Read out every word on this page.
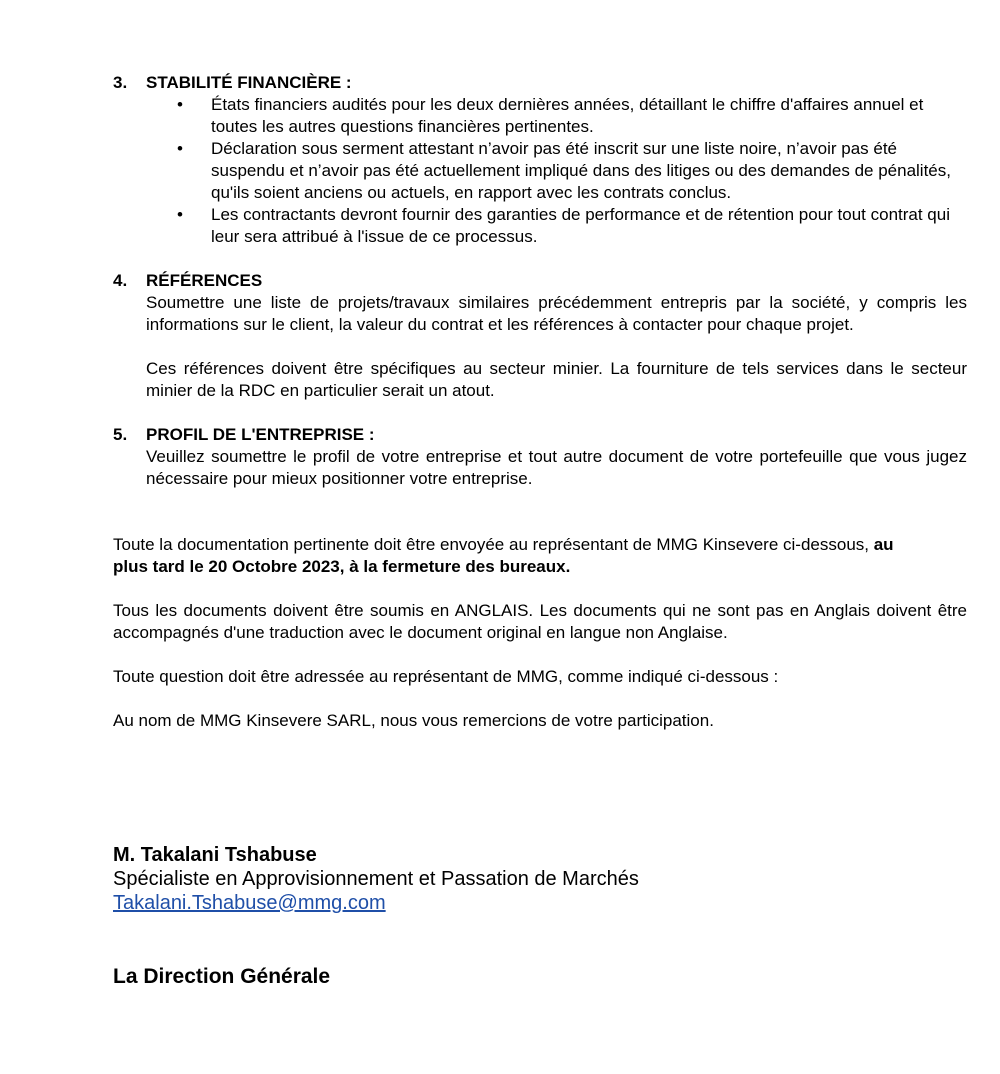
3.	STABILITÉ FINANCIÈRE :
• États financiers audités pour les deux dernières années, détaillant le chiffre d'affaires annuel et toutes les autres questions financières pertinentes.
• Déclaration sous serment attestant n’avoir pas été inscrit sur une liste noire, n’avoir pas été suspendu et n’avoir pas été actuellement impliqué dans des litiges ou des demandes de pénalités, qu'ils soient anciens ou actuels, en rapport avec les contrats conclus.
• Les contractants devront fournir des garanties de performance et de rétention pour tout contrat qui leur sera attribué à l'issue de ce processus.
4.	RÉFÉRENCES

Soumettre une liste de projets/travaux similaires précédemment entrepris par la société, y compris les informations sur le client, la valeur du contrat et les références à contacter pour chaque projet.

Ces références doivent être spécifiques au secteur minier. La fourniture de tels services dans le secteur minier de la RDC en particulier serait un atout.

5.	PROFIL DE L'ENTREPRISE :

Veuillez soumettre le profil de votre entreprise et tout autre document de votre portefeuille que vous jugez nécessaire pour mieux positionner votre entreprise.

Toute la documentation pertinente doit être envoyée au représentant de MMG Kinsevere ci-dessous, au plus tard le 20 Octobre 2023, à la fermeture des bureaux.

Tous les documents doivent être soumis en ANGLAIS. Les documents qui ne sont pas en Anglais doivent être accompagnés d'une traduction avec le document original en langue non Anglaise.

Toute question doit être adressée au représentant de MMG, comme indiqué ci-dessous :

Au nom de MMG Kinsevere SARL, nous vous remercions de votre participation.

M. Takalani Tshabuse
Spécialiste en Approvisionnement et Passation de Marchés
Takalani.Tshabuse@mmg.com
La Direction Générale
